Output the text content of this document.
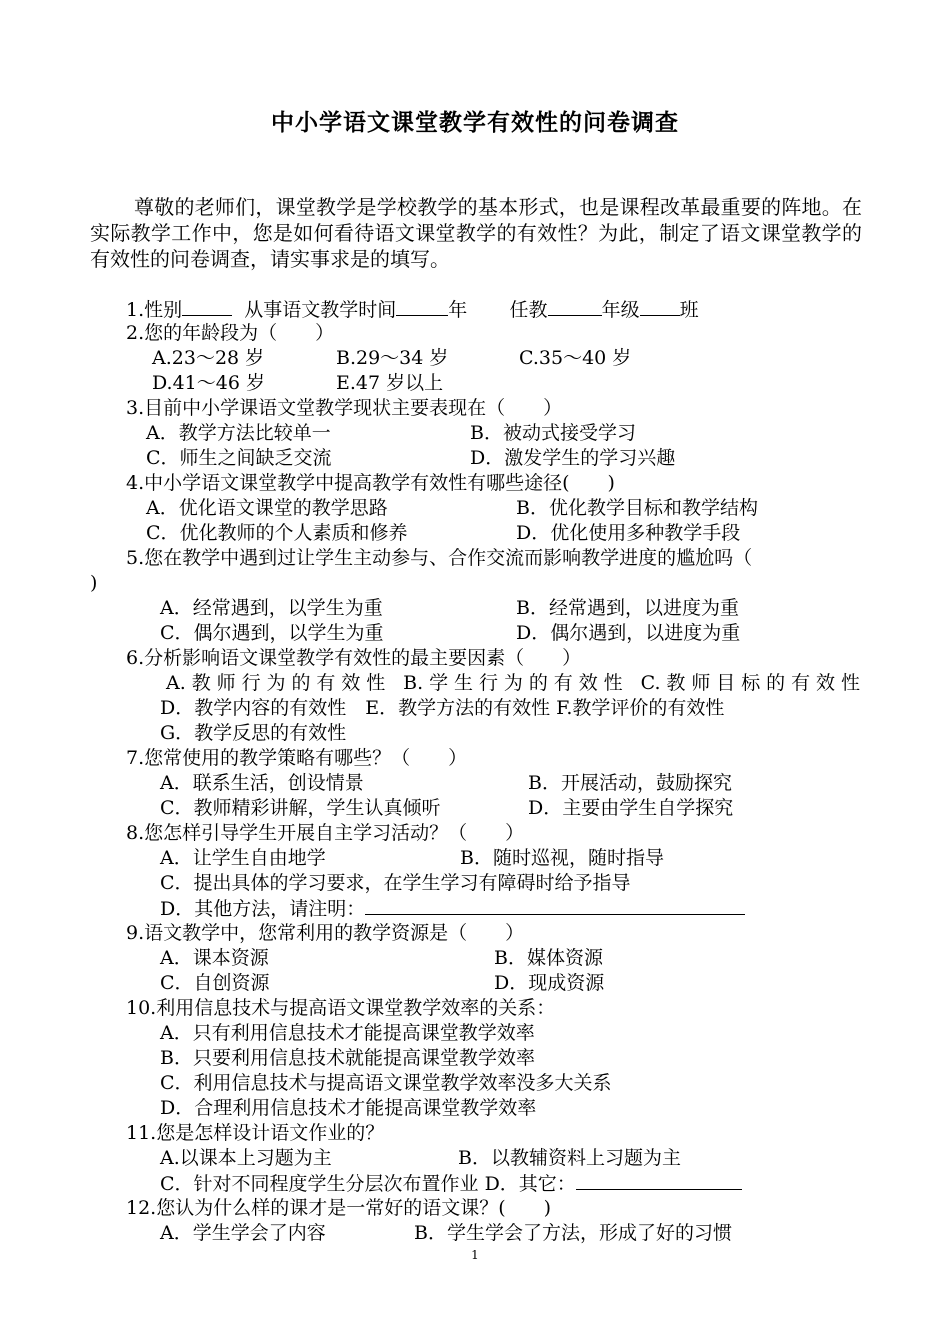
中小学语文课堂教学有效性的问卷调查
尊敬的老师们，课堂教学是学校教学的基本形式，也是课程改革最重要的阵地。在实际教学工作中，您是如何看待语文课堂教学的有效性？为此，制定了语文课堂教学的有效性的问卷调查，请实事求是的填写。
1.性别	从事语文教学时间	年 任教	年级 班
2.您的年龄段为（　　）
A.23～28 岁	B.29～34 岁	C.35～40 岁
D.41～46 岁	E.47 岁以上
3.目前中小学课语文堂教学现状主要表现在（　　）
A．教学方法比较单一	B．被动式接受学习
C．师生之间缺乏交流	D．激发学生的学习兴趣
4.中小学语文课堂教学中提高教学有效性有哪些途径(　　)
A．优化语文课堂的教学思路	B．优化教学目标和教学结构
C．优化教师的个人素质和修养	D．优化使用多种教学手段
5.您在教学中遇到过让学生主动参与、合作交流而影响教学进度的尴尬吗（
)
A．经常遇到，以学生为重	B．经常遇到，以进度为重
C．偶尔遇到，以学生为重	D．偶尔遇到，以进度为重
6.分析影响语文课堂教学有效性的最主要因素（　　）
A.教师行为的有效性 B.学生行为的有效性 C.教师目标的有效性
D．教学内容的有效性　E．教学方法的有效性 F.教学评价的有效性
G．教学反思的有效性
7.您常使用的教学策略有哪些？（　　）
A．联系生活，创设情景	B．开展活动，鼓励探究
C．教师精彩讲解，学生认真倾听	D．主要由学生自学探究
8.您怎样引导学生开展自主学习活动？（　　）
A．让学生自由地学	B．随时巡视，随时指导
C．提出具体的学习要求，在学生学习有障碍时给予指导
D．其他方法，请注明：
9.语文教学中，您常利用的教学资源是（　　）
A．课本资源	B．媒体资源
C．自创资源	D．现成资源
10.利用信息技术与提高语文课堂教学效率的关系：
A．只有利用信息技术才能提高课堂教学效率
B．只要利用信息技术就能提高课堂教学效率
C．利用信息技术与提高语文课堂教学效率没多大关系
D．合理利用信息技术才能提高课堂教学效率
11.您是怎样设计语文作业的？
A.以课本上习题为主	B．以教辅资料上习题为主
C．针对不同程度学生分层次布置作业 D．其它：
12.您认为什么样的课才是一常好的语文课？(　　)
A．学生学会了内容	B．学生学会了方法，形成了好的习惯
1
